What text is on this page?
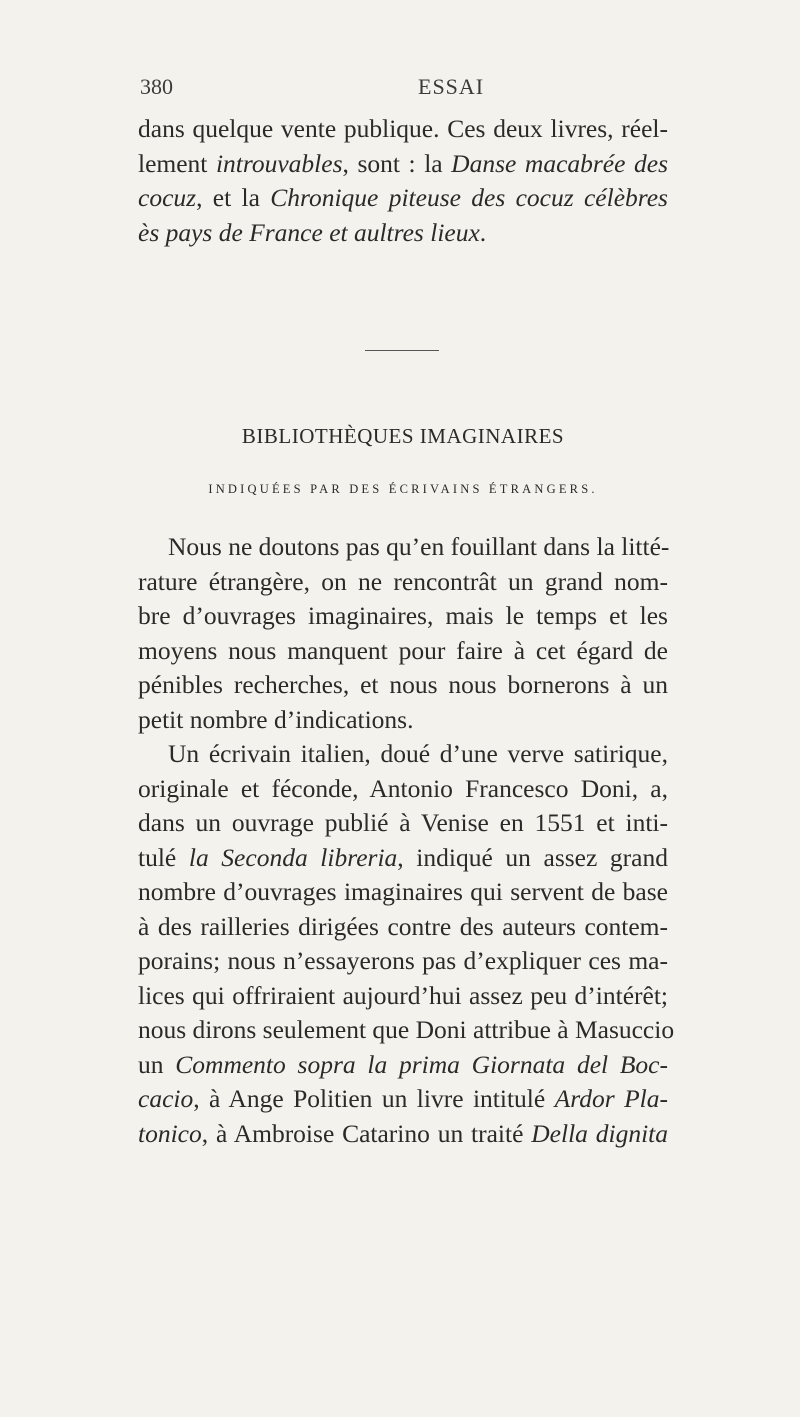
380	ESSAI
dans quelque vente publique. Ces deux livres, réel-
lement introuvables, sont : la Danse macabrée des
cocuz, et la Chronique piteuse des cocuz célèbres
ès pays de France et aultres lieux.
BIBLIOTHÈQUES IMAGINAIRES
INDIQUÉES PAR DES ÉCRIVAINS ÉTRANGERS.
Nous ne doutons pas qu’en fouillant dans la litté-
rature étrangère, on ne rencontrât un grand nom-
bre d’ouvrages imaginaires, mais le temps et les
moyens nous manquent pour faire à cet égard de
pénibles recherches, et nous nous bornerons à un
petit nombre d’indications.
Un écrivain italien, doué d’une verve satirique,
originale et féconde, Antonio Francesco Doni, a,
dans un ouvrage publié à Venise en 1551 et inti-
tulé la Seconda libreria, indiqué un assez grand
nombre d’ouvrages imaginaires qui servent de base
à des railleries dirigées contre des auteurs contem-
porains; nous n’essayerons pas d’expliquer ces ma-
lices qui offriraient aujourd’hui assez peu d’intérêt;
nous dirons seulement que Doni attribue à Masuccio
un Commento sopra la prima Giornata del Boc-
cacio, à Ange Politien un livre intitulé Ardor Pla-
tonico, à Ambroise Catarino un traité Della dignita
